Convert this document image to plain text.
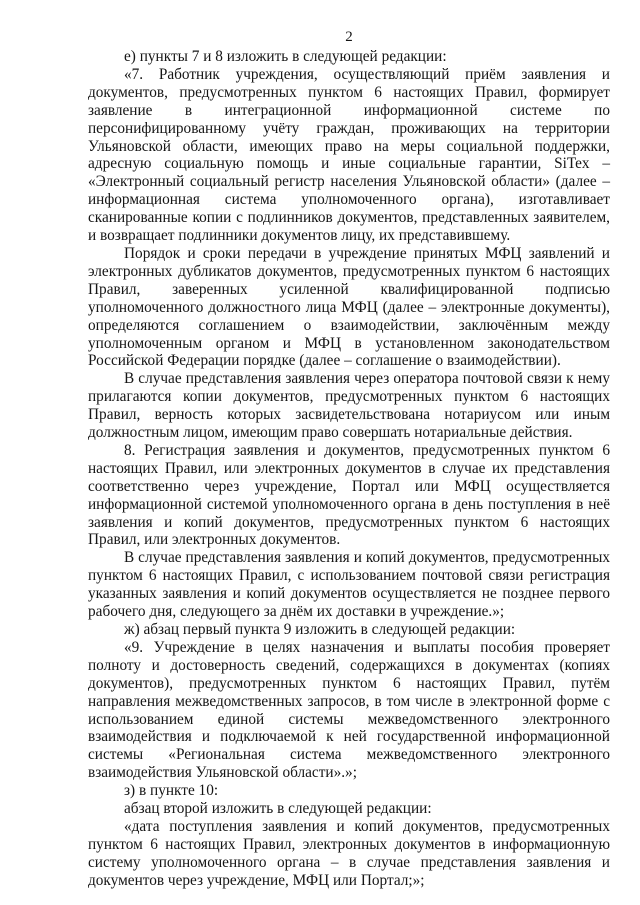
2

е) пункты 7 и 8 изложить в следующей редакции:

«7. Работник учреждения, осуществляющий приём заявления и документов, предусмотренных пунктом 6 настоящих Правил, формирует заявление в интеграционной информационной системе по персонифицированному учёту граждан, проживающих на территории Ульяновской области, имеющих право на меры социальной поддержки, адресную социальную помощь и иные социальные гарантии, SiTex – «Электронный социальный регистр населения Ульяновской области» (далее – информационная система уполномоченного органа), изготавливает сканированные копии с подлинников документов, представленных заявителем, и возвращает подлинники документов лицу, их представившему.

Порядок и сроки передачи в учреждение принятых МФЦ заявлений и электронных дубликатов документов, предусмотренных пунктом 6 настоящих Правил, заверенных усиленной квалифицированной подписью уполномоченного должностного лица МФЦ (далее – электронные документы), определяются соглашением о взаимодействии, заключённым между уполномоченным органом и МФЦ в установленном законодательством Российской Федерации порядке (далее – соглашение о взаимодействии).

В случае представления заявления через оператора почтовой связи к нему прилагаются копии документов, предусмотренных пунктом 6 настоящих Правил, верность которых засвидетельствована нотариусом или иным должностным лицом, имеющим право совершать нотариальные действия.

8. Регистрация заявления и документов, предусмотренных пунктом 6 настоящих Правил, или электронных документов в случае их представления соответственно через учреждение, Портал или МФЦ осуществляется информационной системой уполномоченного органа в день поступления в неё заявления и копий документов, предусмотренных пунктом 6 настоящих Правил, или электронных документов.

В случае представления заявления и копий документов, предусмотренных пунктом 6 настоящих Правил, с использованием почтовой связи регистрация указанных заявления и копий документов осуществляется не позднее первого рабочего дня, следующего за днём их доставки в учреждение.»;

ж) абзац первый пункта 9 изложить в следующей редакции:

«9. Учреждение в целях назначения и выплаты пособия проверяет полноту и достоверность сведений, содержащихся в документах (копиях документов), предусмотренных пунктом 6 настоящих Правил, путём направления межведомственных запросов, в том числе в электронной форме с использованием единой системы межведомственного электронного взаимодействия и подключаемой к ней государственной информационной системы «Региональная система межведомственного электронного взаимодействия Ульяновской области».»;

з) в пункте 10:

абзац второй изложить в следующей редакции:

«дата поступления заявления и копий документов, предусмотренных пунктом 6 настоящих Правил, электронных документов в информационную систему уполномоченного органа – в случае представления заявления и документов через учреждение, МФЦ или Портал;»;
